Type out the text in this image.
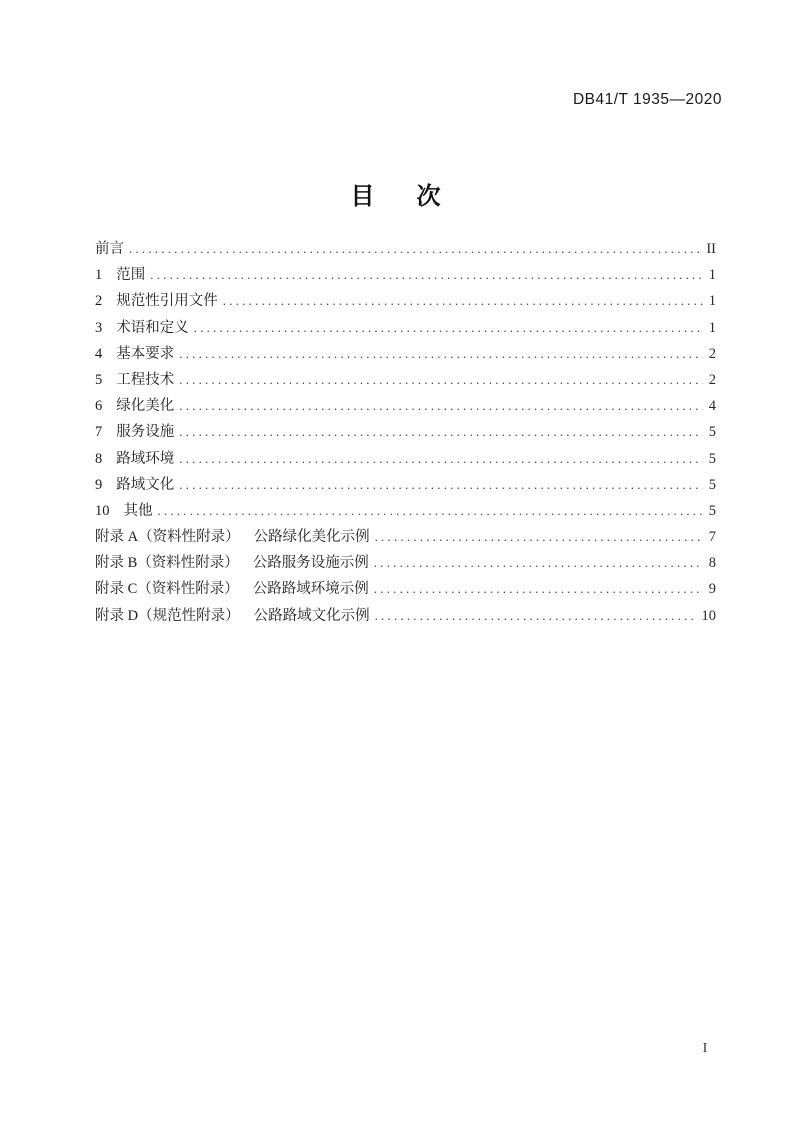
DB41/T 1935—2020
目　次
前言 .....	II
1 范围 .....	1
2 规范性引用文件 .....	1
3 术语和定义 .....	1
4 基本要求 .....	2
5 工程技术 .....	2
6 绿化美化 .....	4
7 服务设施 .....	5
8 路域环境 .....	5
9 路域文化 .....	5
10 其他 .....	5
附录 A（资料性附录） 公路绿化美化示例 .....	7
附录 B（资料性附录） 公路服务设施示例 .....	8
附录 C（资料性附录） 公路路域环境示例 .....	9
附录 D（规范性附录） 公路路域文化示例 .....	10
I
